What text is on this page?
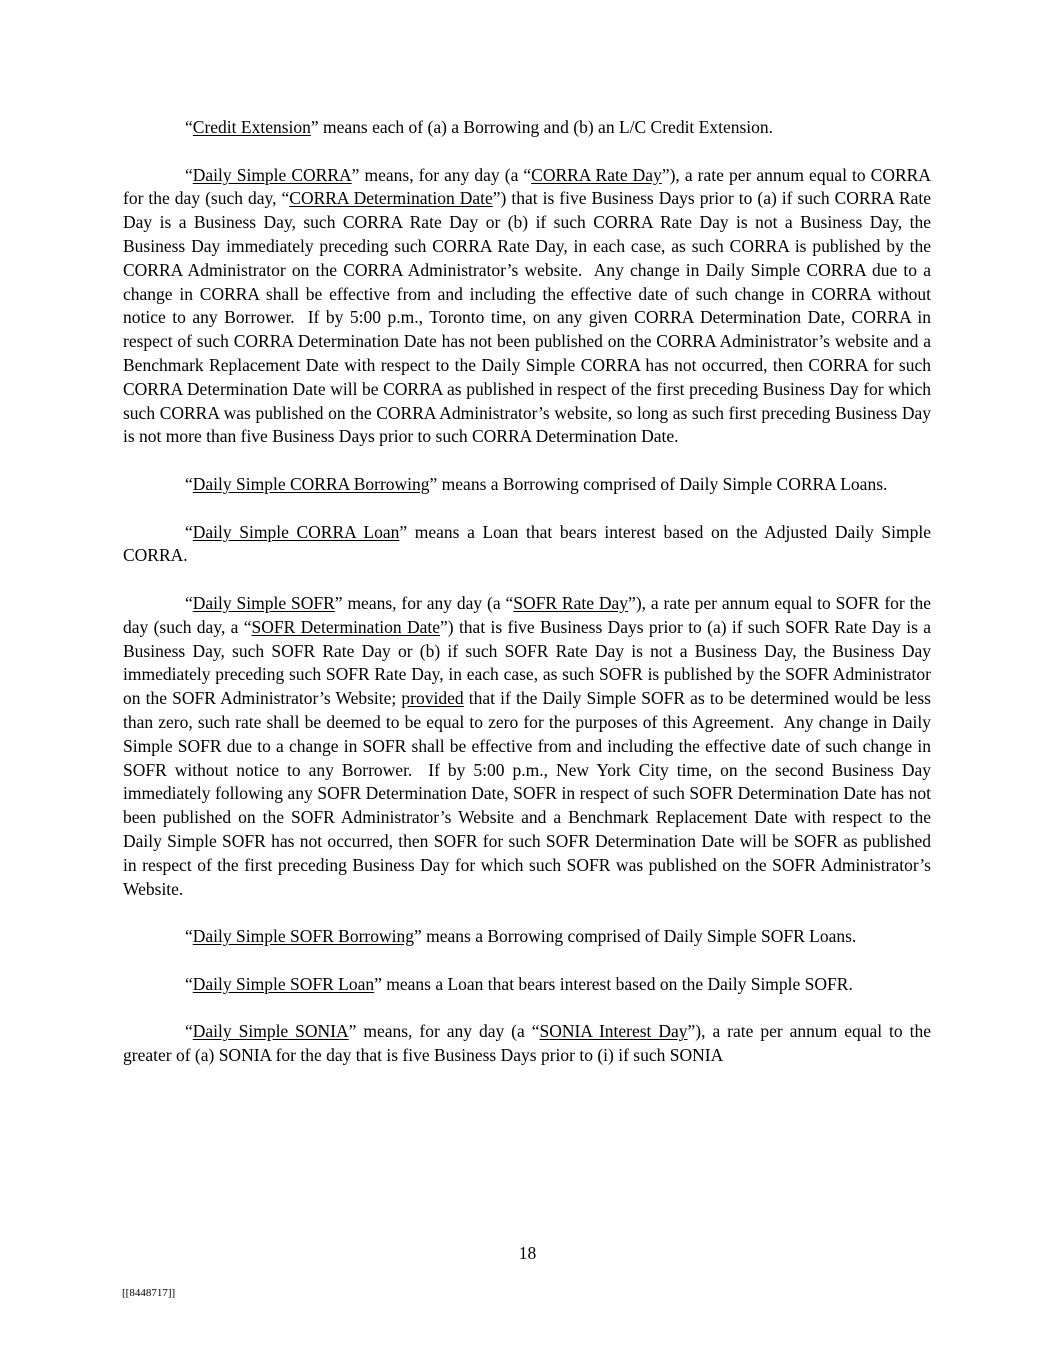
“Credit Extension” means each of (a) a Borrowing and (b) an L/C Credit Extension.

“Daily Simple CORRA” means, for any day (a “CORRA Rate Day”), a rate per annum equal to CORRA for the day (such day, “CORRA Determination Date”) that is five Business Days prior to (a) if such CORRA Rate Day is a Business Day, such CORRA Rate Day or (b) if such CORRA Rate Day is not a Business Day, the Business Day immediately preceding such CORRA Rate Day, in each case, as such CORRA is published by the CORRA Administrator on the CORRA Administrator’s website.  Any change in Daily Simple CORRA due to a change in CORRA shall be effective from and including the effective date of such change in CORRA without notice to any Borrower.  If by 5:00 p.m., Toronto time, on any given CORRA Determination Date, CORRA in respect of such CORRA Determination Date has not been published on the CORRA Administrator’s website and a Benchmark Replacement Date with respect to the Daily Simple CORRA has not occurred, then CORRA for such CORRA Determination Date will be CORRA as published in respect of the first preceding Business Day for which such CORRA was published on the CORRA Administrator’s website, so long as such first preceding Business Day is not more than five Business Days prior to such CORRA Determination Date.

“Daily Simple CORRA Borrowing” means a Borrowing comprised of Daily Simple CORRA Loans.

“Daily Simple CORRA Loan” means a Loan that bears interest based on the Adjusted Daily Simple CORRA.

“Daily Simple SOFR” means, for any day (a “SOFR Rate Day”), a rate per annum equal to SOFR for the day (such day, a “SOFR Determination Date”) that is five Business Days prior to (a) if such SOFR Rate Day is a Business Day, such SOFR Rate Day or (b) if such SOFR Rate Day is not a Business Day, the Business Day immediately preceding such SOFR Rate Day, in each case, as such SOFR is published by the SOFR Administrator on the SOFR Administrator’s Website; provided that if the Daily Simple SOFR as to be determined would be less than zero, such rate shall be deemed to be equal to zero for the purposes of this Agreement.  Any change in Daily Simple SOFR due to a change in SOFR shall be effective from and including the effective date of such change in SOFR without notice to any Borrower.  If by 5:00 p.m., New York City time, on the second Business Day immediately following any SOFR Determination Date, SOFR in respect of such SOFR Determination Date has not been published on the SOFR Administrator’s Website and a Benchmark Replacement Date with respect to the Daily Simple SOFR has not occurred, then SOFR for such SOFR Determination Date will be SOFR as published in respect of the first preceding Business Day for which such SOFR was published on the SOFR Administrator’s Website.

“Daily Simple SOFR Borrowing” means a Borrowing comprised of Daily Simple SOFR Loans.

“Daily Simple SOFR Loan” means a Loan that bears interest based on the Daily Simple SOFR.

“Daily Simple SONIA” means, for any day (a “SONIA Interest Day”), a rate per annum equal to the greater of (a) SONIA for the day that is five Business Days prior to (i) if such SONIA

18
[[8448717]]
